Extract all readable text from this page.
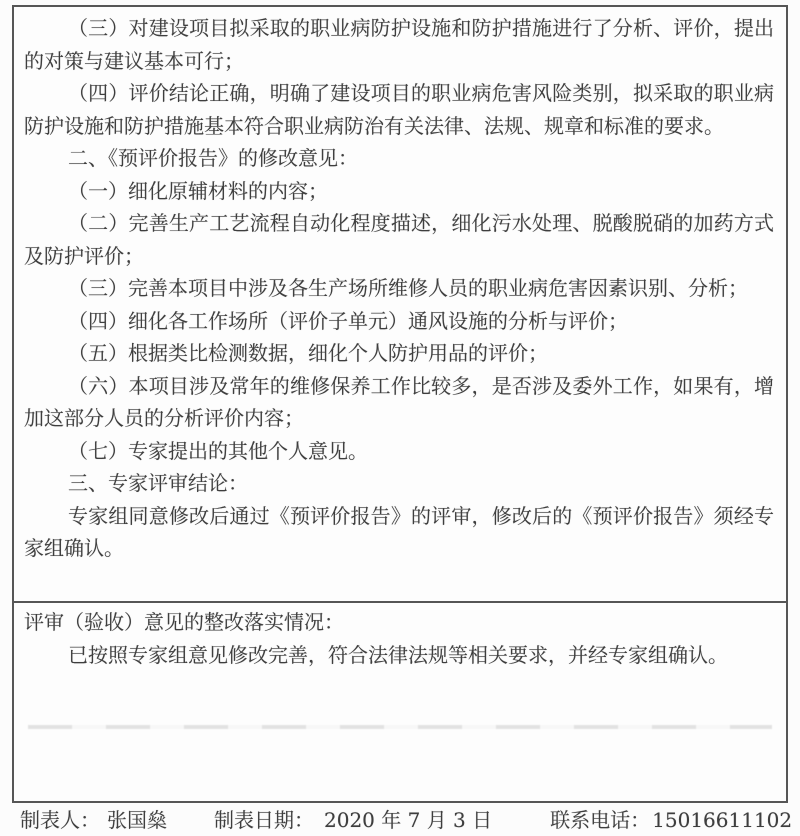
（三）对建设项目拟采取的职业病防护设施和防护措施进行了分析、评价，提出的对策与建议基本可行；

（四）评价结论正确，明确了建设项目的职业病危害风险类别，拟采取的职业病防护设施和防护措施基本符合职业病防治有关法律、法规、规章和标准的要求。

二、《预评价报告》的修改意见：

（一）细化原辅材料的内容；

（二）完善生产工艺流程自动化程度描述，细化污水处理、脱酸脱硝的加药方式及防护评价；

（三）完善本项目中涉及各生产场所维修人员的职业病危害因素识别、分析；

（四）细化各工作场所（评价子单元）通风设施的分析与评价；

（五）根据类比检测数据，细化个人防护用品的评价；

（六）本项目涉及常年的维修保养工作比较多，是否涉及委外工作，如果有，增加这部分人员的分析评价内容；

（七）专家提出的其他个人意见。

三、专家评审结论：

专家组同意修改后通过《预评价报告》的评审，修改后的《预评价报告》须经专家组确认。

评审（验收）意见的整改落实情况：

已按照专家组意见修改完善，符合法律法规等相关要求，并经专家组确认。

制表人： 张国燊 制表日期： 2020 年 7 月 3 日	联系电话： 15016611102
